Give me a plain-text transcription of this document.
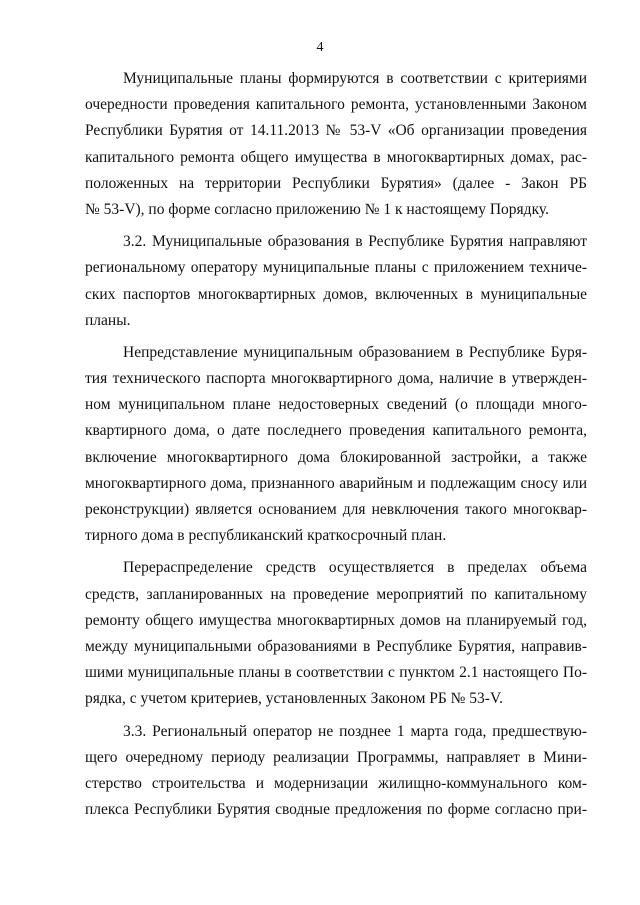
4
Муниципальные планы формируются в соответствии с критериями
очередности проведения капитального ремонта, установленными Законом
Республики Бурятия от 14.11.2013 № 53-V «Об организации проведения
капитального ремонта общего имущества в многоквартирных домах, рас-
положенных на территории Республики Бурятия» (далее - Закон РБ
№ 53-V), по форме согласно приложению № 1 к настоящему Порядку.
3.2. Муниципальные образования в Республике Бурятия направляют
региональному оператору муниципальные планы с приложением техниче-
ских паспортов многоквартирных домов, включенных в муниципальные
планы.
Непредставление муниципальным образованием в Республике Буря-
тия технического паспорта многоквартирного дома, наличие в утвержден-
ном муниципальном плане недостоверных сведений (о площади много-
квартирного дома, о дате последнего проведения капитального ремонта,
включение многоквартирного дома блокированной застройки, а также
многоквартирного дома, признанного аварийным и подлежащим сносу или
реконструкции) является основанием для невключения такого многоквар-
тирного дома в республиканский краткосрочный план.
Перераспределение средств осуществляется в пределах объема
средств, запланированных на проведение мероприятий по капитальному
ремонту общего имущества многоквартирных домов на планируемый год,
между муниципальными образованиями в Республике Бурятия, направив-
шими муниципальные планы в соответствии с пунктом 2.1 настоящего По-
рядка, с учетом критериев, установленных Законом РБ № 53-V.
3.3. Региональный оператор не позднее 1 марта года, предшествую-
щего очередному периоду реализации Программы, направляет в Мини-
стерство строительства и модернизации жилищно-коммунального ком-
плекса Республики Бурятия сводные предложения по форме согласно при-
